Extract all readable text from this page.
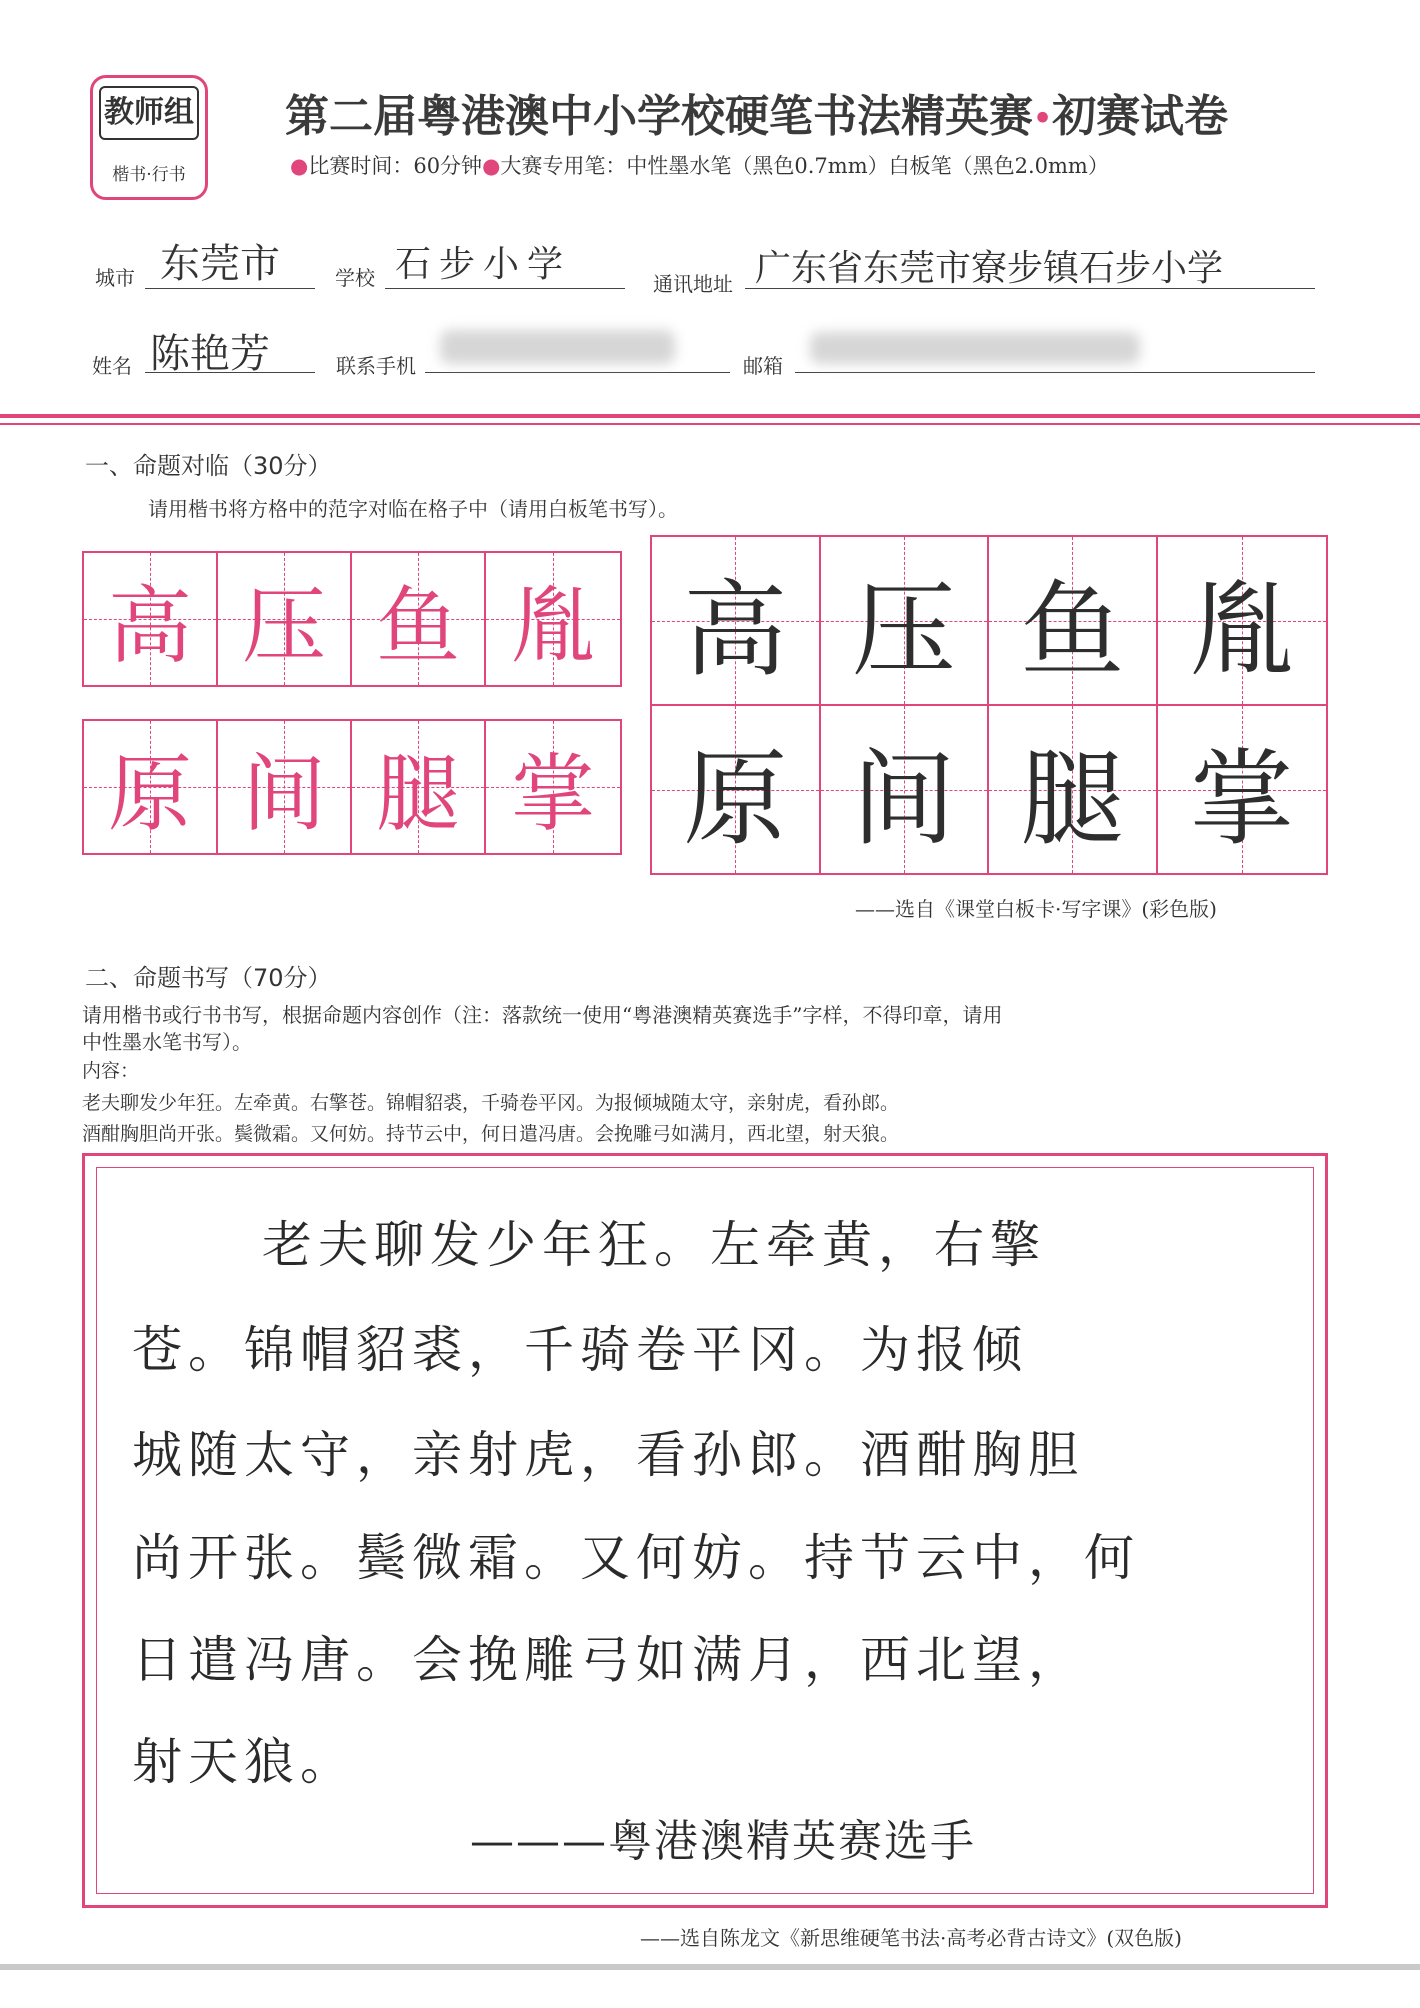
教师组
楷书·行书
第二届粤港澳中小学校硬笔书法精英赛•初赛试卷
●比赛时间：60分钟●大赛专用笔：中性墨水笔（黑色0.7mm）白板笔（黑色2.0mm）
城市 东莞市	学校 石步小学	通讯地址 广东省东莞市寮步镇石步小学
姓名 陈艳芳	联系手机	邮箱
一、命题对临（30分）
请用楷书将方格中的范字对临在格子中（请用白板笔书写）。
高 压 鱼 胤
原 间 腿 掌
高 压 鱼 胤
原 间 腿 掌
——选自《课堂白板卡·写字课》(彩色版)
二、命题书写（70分）
请用楷书或行书书写，根据命题内容创作（注：落款统一使用“粤港澳精英赛选手”字样，不得印章，请用
中性墨水笔书写）。
内容：
老夫聊发少年狂。左牵黄。右擎苍。锦帽貂裘，千骑卷平冈。为报倾城随太守，亲射虎，看孙郎。
酒酣胸胆尚开张。鬓微霜。又何妨。持节云中，何日遣冯唐。会挽雕弓如满月，西北望，射天狼。
老夫聊发少年狂。左牵黄，右擎
苍。锦帽貂裘，千骑卷平冈。为报倾
城随太守，亲射虎，看孙郎。酒酣胸胆
尚开张。鬓微霜。又何妨。持节云中，何
日遣冯唐。会挽雕弓如满月，西北望，
射天狼。
———粤港澳精英赛选手
——选自陈龙文《新思维硬笔书法·高考必背古诗文》(双色版)
